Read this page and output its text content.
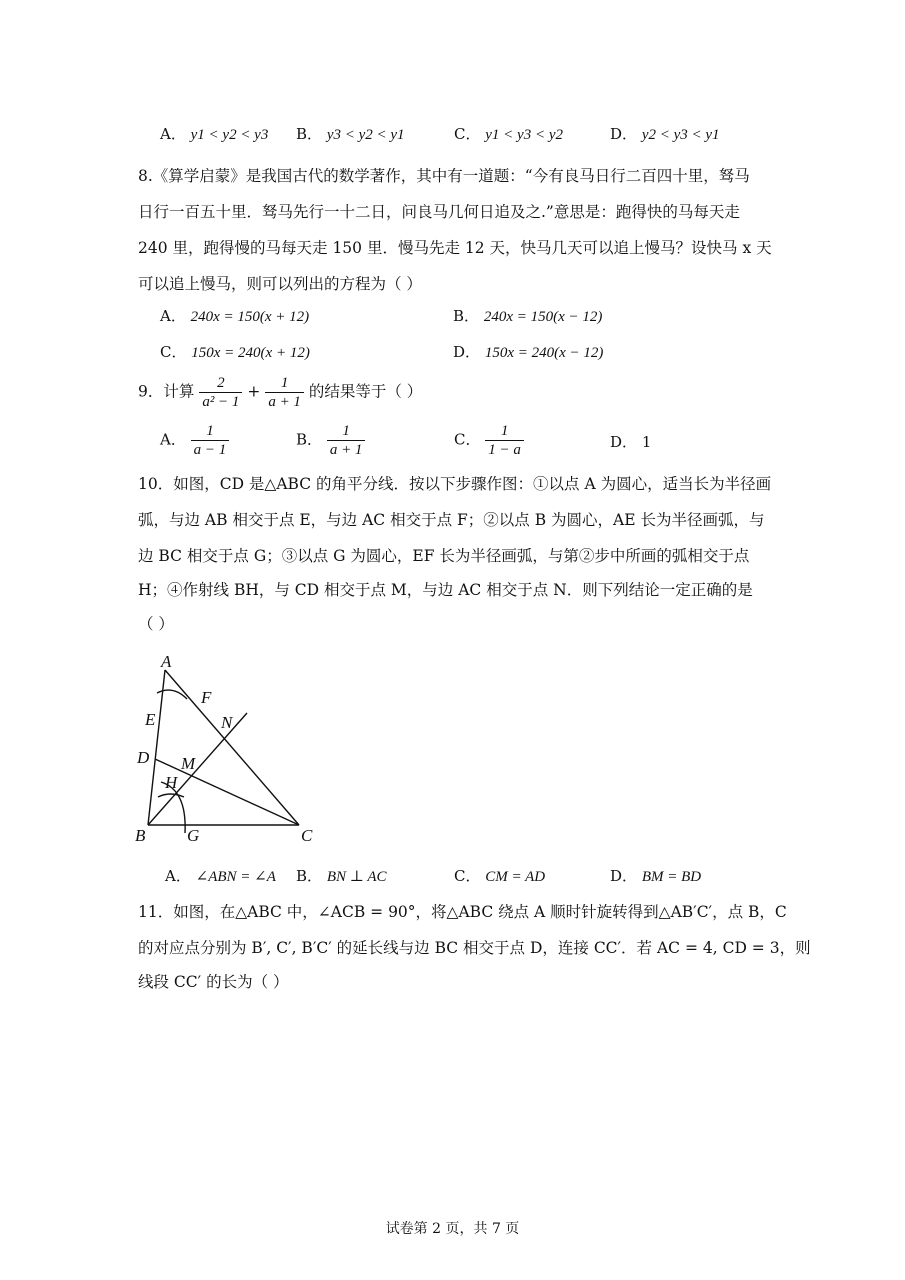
A． y1 < y2 < y3 B． y3 < y2 < y1	C． y1 < y3 < y2	D． y2 < y3 < y1
8.《算学启蒙》是我国古代的数学著作，其中有一道题：“今有良马日行二百四十里，驽马
日行一百五十里．驽马先行一十二日，问良马几何日追及之.”意思是：跑得快的马每天走
240 里，跑得慢的马每天走 150 里．慢马先走 12 天，快马几天可以追上慢马？设快马 x 天
可以追上慢马，则可以列出的方程为（ ）
A． 240x = 150(x + 12)	B． 240x = 150(x − 12)
C． 150x = 240(x + 12)	D． 150x = 240(x − 12)
9．计算 $\frac{2}{\text{a² − 1}} + \frac{1}{a + 1}$ 的结果等于（ ）
A． $\frac{1}{a - 1}$	B． $\frac{1}{a + 1}$	C． $\frac{1}{1 - a}$	D． 1
10．如图，CD 是△ABC 的角平分线．按以下步骤作图：①以点 A 为圆心，适当长为半径画
弧，与边 AB 相交于点 E，与边 AC 相交于点 F；②以点 B 为圆心，AE 长为半径画弧，与
边 BC 相交于点 G；③以点 G 为圆心，EF 长为半径画弧，与第②步中所画的弧相交于点
H；④作射线 BH，与 CD 相交于点 M，与边 AC 相交于点 N．则下列结论一定正确的是
（ ）
A
E
F
N
D M
H
B G	C
A． ∠ABN = ∠A B． BN ⊥ AC	C． CM = AD	D． BM = BD
11．如图，在△ABC 中，∠ACB = 90°，将△ABC 绕点 A 顺时针旋转得到△AB′C′，点 B，C
的对应点分别为 B′, C′, B′C′ 的延长线与边 BC 相交于点 D，连接 CC′．若 AC = 4, CD = 3，则
线段 CC′ 的长为（ ）
试卷第 2 页，共 7 页
